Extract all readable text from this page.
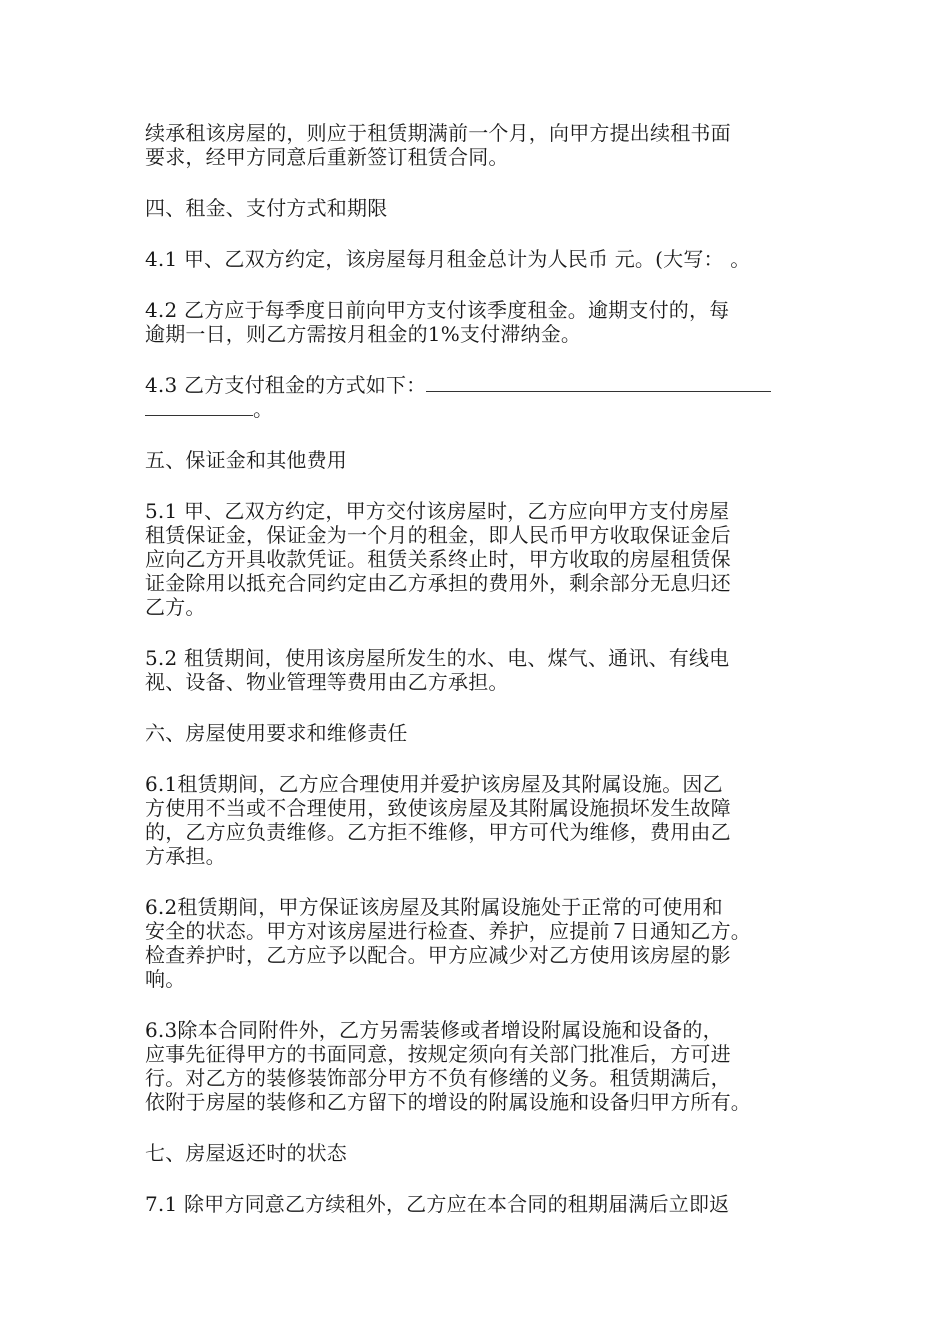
续承租该房屋的，则应于租赁期满前一个月，向甲方提出续租书面
要求，经甲方同意后重新签订租赁合同。
四、租金、支付方式和期限
4.1 甲、乙双方约定，该房屋每月租金总计为人民币 元。(大写： 。
4.2 乙方应于每季度日前向甲方支付该季度租金。逾期支付的，每
逾期一日，则乙方需按月租金的1%支付滞纳金。
4.3 乙方支付租金的方式如下：
。
五、保证金和其他费用
5.1 甲、乙双方约定，甲方交付该房屋时，乙方应向甲方支付房屋
租赁保证金，保证金为一个月的租金，即人民币甲方收取保证金后
应向乙方开具收款凭证。租赁关系终止时，甲方收取的房屋租赁保
证金除用以抵充合同约定由乙方承担的费用外，剩余部分无息归还
乙方。
5.2 租赁期间，使用该房屋所发生的水、电、煤气、通讯、有线电
视、设备、物业管理等费用由乙方承担。
六、房屋使用要求和维修责任
6.1租赁期间，乙方应合理使用并爱护该房屋及其附属设施。因乙
方使用不当或不合理使用，致使该房屋及其附属设施损坏发生故障
的，乙方应负责维修。乙方拒不维修，甲方可代为维修，费用由乙
方承担。
6.2租赁期间，甲方保证该房屋及其附属设施处于正常的可使用和
安全的状态。甲方对该房屋进行检查、养护，应提前７日通知乙方。
检查养护时，乙方应予以配合。甲方应减少对乙方使用该房屋的影
响。
6.3除本合同附件外，乙方另需装修或者增设附属设施和设备的，
应事先征得甲方的书面同意，按规定须向有关部门批准后，方可进
行。对乙方的装修装饰部分甲方不负有修缮的义务。租赁期满后，
依附于房屋的装修和乙方留下的增设的附属设施和设备归甲方所有。
七、房屋返还时的状态
7.1 除甲方同意乙方续租外，乙方应在本合同的租期届满后立即返
